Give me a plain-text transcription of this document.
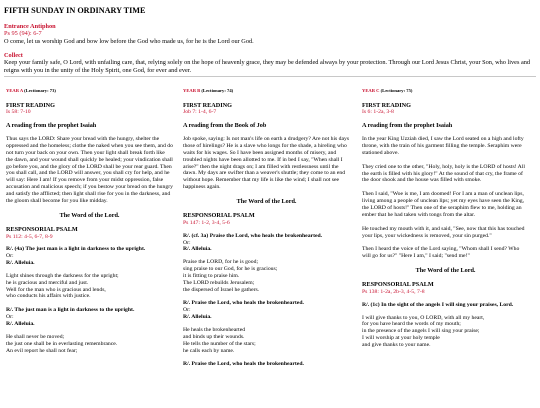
FIFTH SUNDAY IN ORDINARY TIME
Entrance Antiphon
Ps 95 (94): 6-7
O come, let us worship God and bow low before the God who made us, for he is the Lord our God.
Collect
Keep your family safe, O Lord, with unfailing care, that, relying solely on the hope of heavenly grace, they may be defended always by your protection. Through our Lord Jesus Christ, your Son, who lives and reigns with you in the unity of the Holy Spirit, one God, for ever and ever.
YEAR A (Lectionary: 73)
FIRST READING
Is 58: 7-10
A reading from the prophet Isaiah
Thus says the LORD: Share your bread with the hungry, shelter the oppressed and the homeless; clothe the naked when you see them, and do not turn your back on your own. Then your light shall break forth like the dawn, and your wound shall quickly be healed; your vindication shall go before you, and the glory of the LORD shall be your rear guard. Then you shall call, and the LORD will answer, you shall cry for help, and he will say: Here I am! If you remove from your midst oppression, false accusation and malicious speech; if you bestow your bread on the hungry and satisfy the afflicted; then light shall rise for you in the darkness, and the gloom shall become for you like midday.
The Word of the Lord.
RESPONSORIAL PSALM
Ps 112: 4-5, 6-7, 8-9
R/. (4a) The just man is a light in darkness to the upright.
Or:
R/. Alleluia.
Light shines through the darkness for the upright;
he is gracious and merciful and just.
Well for the man who is gracious and lends,
who conducts his affairs with justice.
R/. The just man is a light in darkness to the upright.
Or:
R/. Alleluia.
He shall never be moved;
the just one shall be in everlasting remembrance.
An evil report he shall not fear;
YEAR B (Lectionary: 74)
FIRST READING
Job 7: 1-4, 6-7
A reading from the Book of Job
Job spoke, saying: Is not man's life on earth a drudgery? Are not his days those of hirelings? He is a slave who longs for the shade, a hireling who waits for his wages. So I have been assigned months of misery, and troubled nights have been allotted to me. If in bed I say, "When shall I arise?" then the night drags on; I am filled with restlessness until the dawn. My days are swifter than a weaver's shuttle; they come to an end without hope. Remember that my life is like the wind; I shall not see happiness again.
The Word of the Lord.
RESPONSORIAL PSALM
Ps 147: 1-2, 3-4, 5-6
R/. (cf. 3a) Praise the Lord, who heals the brokenhearted.
Or:
R/. Alleluia.
Praise the LORD, for he is good;
sing praise to our God, for he is gracious;
it is fitting to praise him.
The LORD rebuilds Jerusalem;
the dispersed of Israel he gathers.
R/. Praise the Lord, who heals the brokenhearted.
Or:
R/. Alleluia.
He heals the brokenhearted
and binds up their wounds.
He tells the number of the stars;
he calls each by name.
R/. Praise the Lord, who heals the brokenhearted.
YEAR C (Lectionary: 75)
FIRST READING
Is 6: 1-2a, 3-8
A reading from the prophet Isaiah
In the year King Uzziah died, I saw the Lord seated on a high and lofty throne, with the train of his garment filling the temple. Seraphim were stationed above.
They cried one to the other, "Holy, holy, holy is the LORD of hosts! All the earth is filled with his glory!" At the sound of that cry, the frame of the door shook and the house was filled with smoke.
Then I said, "Woe is me, I am doomed! For I am a man of unclean lips, living among a people of unclean lips; yet my eyes have seen the King, the LORD of hosts!" Then one of the seraphim flew to me, holding an ember that he had taken with tongs from the altar.
He touched my mouth with it, and said, "See, now that this has touched your lips, your wickedness is removed, your sin purged."
Then I heard the voice of the Lord saying, "Whom shall I send? Who will go for us?" "Here I am," I said; "send me!"
The Word of the Lord.
RESPONSORIAL PSALM
Ps 138: 1-2a, 2b-3, 4-5, 7-8
R/. (1c) In the sight of the angels I will sing your praises, Lord.
I will give thanks to you, O LORD, with all my heart,
for you have heard the words of my mouth;
in the presence of the angels I will sing your praise;
I will worship at your holy temple
and give thanks to your name.
